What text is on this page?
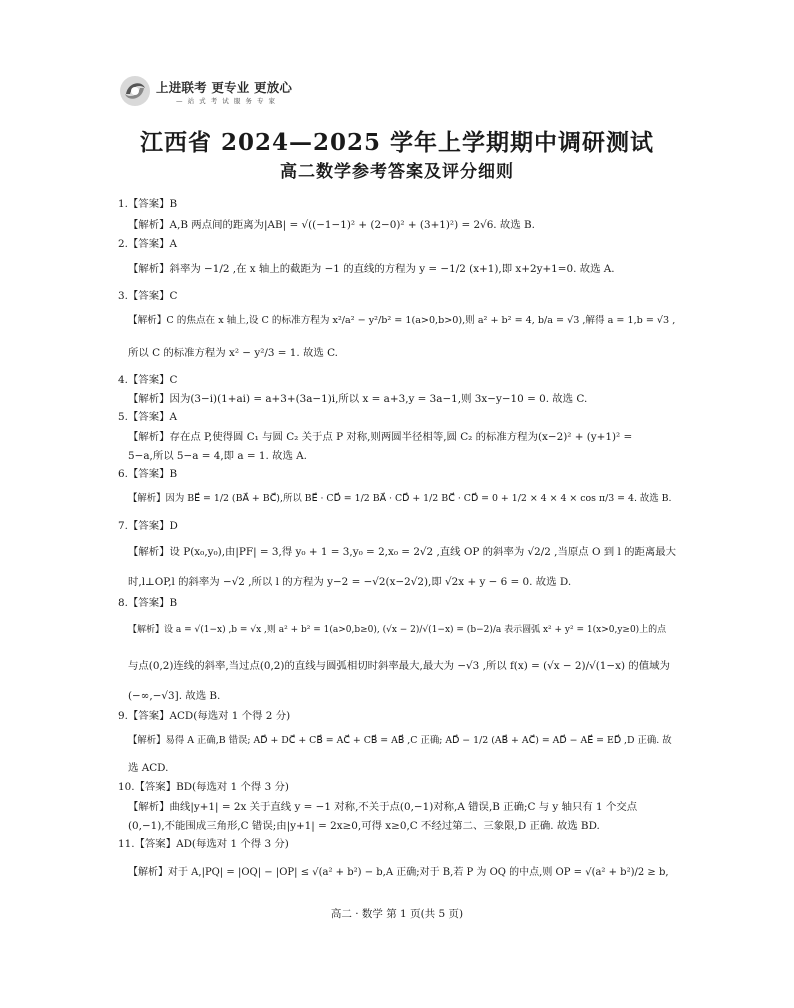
上进联考 更专业 更放心
— 站 式 考 试 服 务 专 家
江西省 2024—2025 学年上学期期中调研测试
高二数学参考答案及评分细则
1.【答案】B
【解析】A,B 两点间的距离为|AB| = √((−1−1)² + (2−0)² + (3+1)²) = 2√6. 故选 B.
2.【答案】A
【解析】斜率为 −1/2 ,在 x 轴上的截距为 −1 的直线的方程为 y = −1/2 (x+1),即 x+2y+1=0. 故选 A.
3.【答案】C
【解析】C 的焦点在 x 轴上,设 C 的标准方程为 x²/a² − y²/b² = 1(a>0,b>0),则 a² + b² = 4, b/a = √3 ,解得 a = 1,b = √3 ,
所以 C 的标准方程为 x² − y²/3 = 1. 故选 C.
4.【答案】C
【解析】因为(3−i)(1+ai) = a+3+(3a−1)i,所以 x = a+3,y = 3a−1,则 3x−y−10 = 0. 故选 C.
5.【答案】A
【解析】存在点 P,使得圆 C₁ 与圆 C₂ 关于点 P 对称,则两圆半径相等,圆 C₂ 的标准方程为(x−2)² + (y+1)² =
5−a,所以 5−a = 4,即 a = 1. 故选 A.
6.【答案】B
【解析】因为 BE⃗ = 1/2 (BA⃗ + BC⃗),所以 BE⃗ · CD⃗ = 1/2 BA⃗ · CD⃗ + 1/2 BC⃗ · CD⃗ = 0 + 1/2 × 4 × 4 × cos π/3 = 4. 故选 B.
7.【答案】D
【解析】设 P(x₀,y₀),由|PF| = 3,得 y₀ + 1 = 3,y₀ = 2,x₀ = 2√2 ,直线 OP 的斜率为 √2/2 ,当原点 O 到 l 的距离最大
时,l⊥OP,l 的斜率为 −√2 ,所以 l 的方程为 y−2 = −√2(x−2√2),即 √2x + y − 6 = 0. 故选 D.
8.【答案】B
【解析】设 a = √(1−x) ,b = √x ,则 a² + b² = 1(a>0,b≥0), (√x − 2)/√(1−x) = (b−2)/a 表示圆弧 x² + y² = 1(x>0,y≥0)上的点
与点(0,2)连线的斜率,当过点(0,2)的直线与圆弧相切时斜率最大,最大为 −√3 ,所以 f(x) = (√x − 2)/√(1−x) 的值域为
(−∞,−√3]. 故选 B.
9.【答案】ACD(每选对 1 个得 2 分)
【解析】易得 A 正确,B 错误; AD⃗ + DC⃗ + CB⃗ = AC⃗ + CB⃗ = AB⃗ ,C 正确; AD⃗ − 1/2 (AB⃗ + AC⃗) = AD⃗ − AE⃗ = ED⃗ ,D 正确. 故
选 ACD.
10.【答案】BD(每选对 1 个得 3 分)
【解析】曲线|y+1| = 2x 关于直线 y = −1 对称,不关于点(0,−1)对称,A 错误,B 正确;C 与 y 轴只有 1 个交点
(0,−1),不能围成三角形,C 错误;由|y+1| = 2x≥0,可得 x≥0,C 不经过第二、三象限,D 正确. 故选 BD.
11.【答案】AD(每选对 1 个得 3 分)
【解析】对于 A,|PQ| = |OQ| − |OP| ≤ √(a² + b²) − b,A 正确;对于 B,若 P 为 OQ 的中点,则 OP = √(a² + b²)/2 ≥ b,
高二 · 数学 第 1 页(共 5 页)
